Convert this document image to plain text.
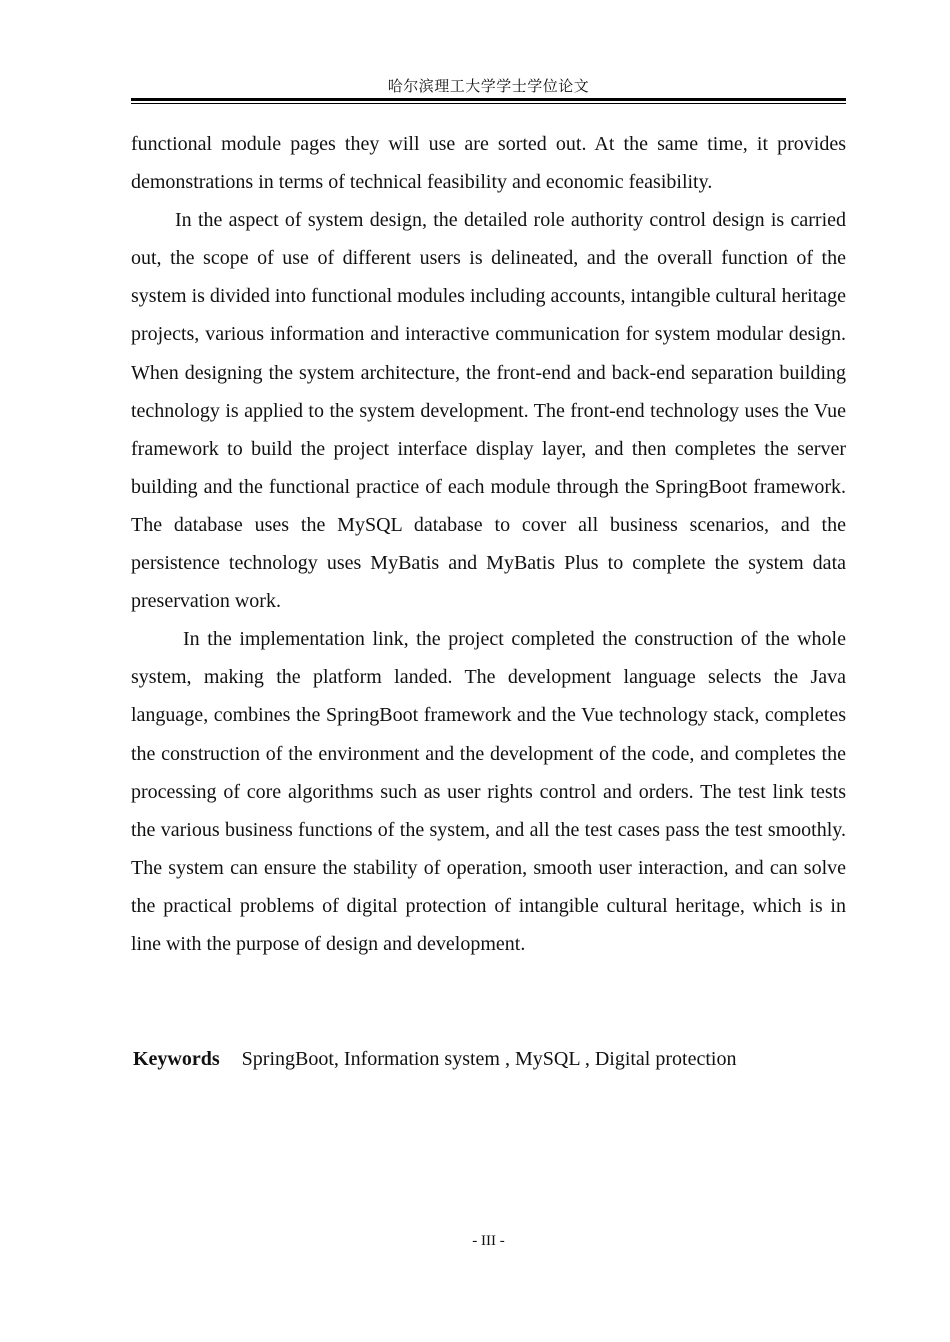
哈尔滨理工大学学士学位论文

functional module pages they will use are sorted out. At the same time, it provides demonstrations in terms of technical feasibility and economic feasibility.

In the aspect of system design, the detailed role authority control design is carried out, the scope of use of different users is delineated, and the overall function of the system is divided into functional modules including accounts, intangible cultural heritage projects, various information and interactive communication for system modular design. When designing the system architecture, the front-end and back-end separation building technology is applied to the system development. The front-end technology uses the Vue framework to build the project interface display layer, and then completes the server building and the functional practice of each module through the SpringBoot framework. The database uses the MySQL database to cover all business scenarios, and the persistence technology uses MyBatis and MyBatis Plus to complete the system data preservation work.

In the implementation link, the project completed the construction of the whole system, making the platform landed. The development language selects the Java language, combines the SpringBoot framework and the Vue technology stack, completes the construction of the environment and the development of the code, and completes the processing of core algorithms such as user rights control and orders. The test link tests the various business functions of the system, and all the test cases pass the test smoothly. The system can ensure the stability of operation, smooth user interaction, and can solve the practical problems of digital protection of intangible cultural heritage, which is in line with the purpose of design and development.

Keywords SpringBoot, Information system , MySQL , Digital protection
- III -
